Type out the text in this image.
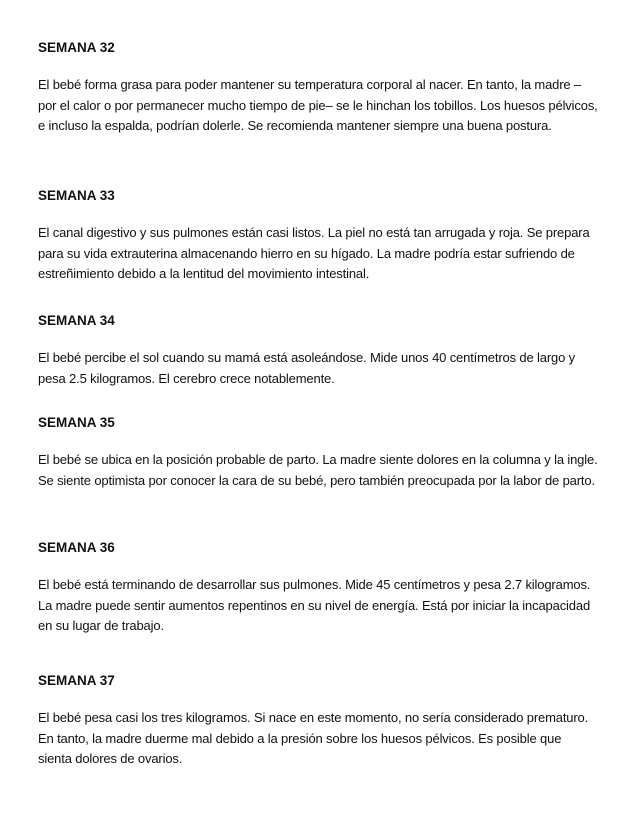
SEMANA 32

El bebé forma grasa para poder mantener su temperatura corporal al nacer. En tanto, la madre –por el calor o por permanecer mucho tiempo de pie– se le hinchan los tobillos. Los huesos pélvicos, e incluso la espalda, podrían dolerle. Se recomienda mantener siempre una buena postura.

SEMANA 33

El canal digestivo y sus pulmones están casi listos. La piel no está tan arrugada y roja. Se prepara para su vida extrauterina almacenando hierro en su hígado. La madre podría estar sufriendo de estreñimiento debido a la lentitud del movimiento intestinal.

SEMANA 34

El bebé percibe el sol cuando su mamá está asoleándose. Mide unos 40 centímetros de largo y pesa 2.5 kilogramos. El cerebro crece notablemente.

SEMANA 35

El bebé se ubica en la posición probable de parto. La madre siente dolores en la columna y la ingle. Se siente optimista por conocer la cara de su bebé, pero también preocupada por la labor de parto.

SEMANA 36

El bebé está terminando de desarrollar sus pulmones. Mide 45 centímetros y pesa 2.7 kilogramos. La madre puede sentir aumentos repentinos en su nivel de energía. Está por iniciar la incapacidad en su lugar de trabajo.

SEMANA 37

El bebé pesa casi los tres kilogramos. Si nace en este momento, no sería considerado prematuro. En tanto, la madre duerme mal debido a la presión sobre los huesos pélvicos. Es posible que sienta dolores de ovarios.
